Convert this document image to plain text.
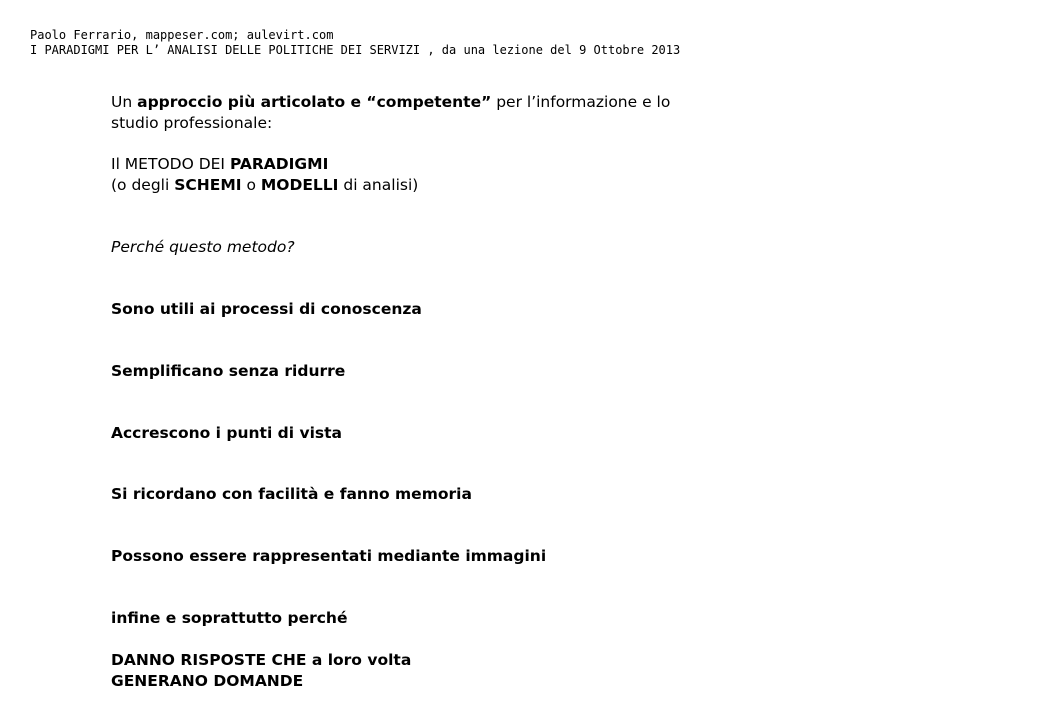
Paolo Ferrario, mappeser.com; aulevirt.com
I PARADIGMI PER L’ ANALISI DELLE POLITICHE DEI SERVIZI , da una lezione del 9 Ottobre 2013

Un approccio più articolato e “competente” per l’informazione e lo

studio professionale:

Il METODO DEI PARADIGMI

(o degli SCHEMI o MODELLI di analisi)

Perché questo metodo?

Sono utili ai processi di conoscenza

Semplificano senza ridurre

Accrescono i punti di vista

Si ricordano con facilità e fanno memoria

Possono essere rappresentati mediante immagini

infine e soprattutto perché

DANNO RISPOSTE CHE a loro volta

GENERANO DOMANDE
